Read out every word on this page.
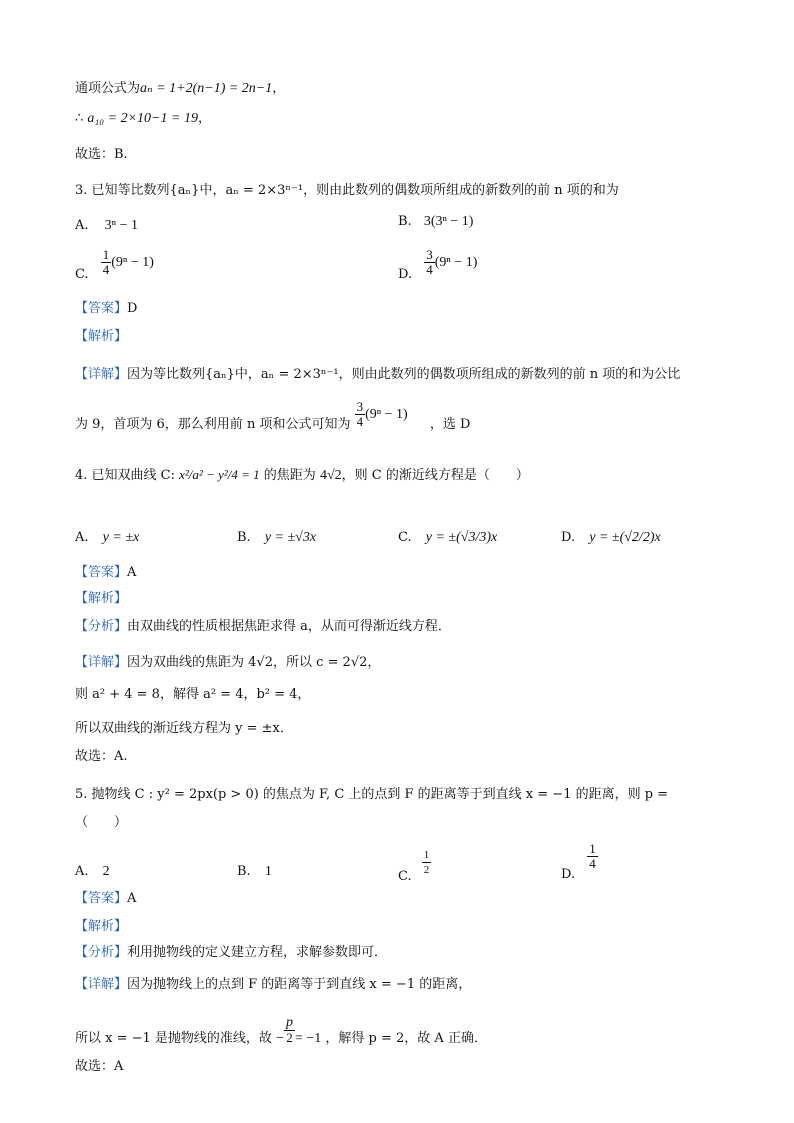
通项公式为aₙ = 1+2(n−1) = 2n−1，
∴ a₁₀ = 2×10−1 = 19，
故选：B.
3. 已知等比数列{aₙ}中，aₙ = 2×3ⁿ⁻¹，则由此数列的偶数项所组成的新数列的前 n 项的和为
A. 3ⁿ − 1	B. 3(3ⁿ − 1)
C. $\frac{1}{4} (9^n - 1)$
D. $\frac{3}{4} (9^n - 1)$
【答案】D
【解析】
【详解】因为等比数列{aₙ}中，aₙ = 2×3ⁿ⁻¹，则由此数列的偶数项所组成的新数列的前 n 项的和为公比
为 9，首项为 6，那么利用前 n 项和公式可知为 $\frac{3}{4} (9^n - 1)$ ，选 D
4. 已知双曲线 C: x²/a² − y²/4 = 1 的焦距为 4√2，则 C 的渐近线方程是（　　）
A. y = ±x	B. y = ±√3x	C. y = ±(√3/3)x	D. y = ±(√2/2)x
【答案】A
【解析】
【分析】由双曲线的性质根据焦距求得 a，从而可得渐近线方程．
【详解】因为双曲线的焦距为 4√2，所以 c = 2√2，
则 a² + 4 = 8，解得 a² = 4，b² = 4，
所以双曲线的渐近线方程为 y = ±x．
故选：A.
5. 抛物线 C : y² = 2px(p > 0) 的焦点为 F, C 上的点到 F 的距离等于到直线 x = −1 的距离，则 p =
（　　）
A. 2	B. 1	C. $\frac{1}{2}$	D.
$\frac{1}{4}$
【答案】A
【解析】
【分析】利用抛物线的定义建立方程，求解参数即可．
【详解】因为抛物线上的点到 F 的距离等于到直线 x = −1 的距离，
所以 x = −1 是抛物线的准线，故 − $\frac{p}{2} = -1$ ，解得 p = 2，故 A 正确．
故选：A
